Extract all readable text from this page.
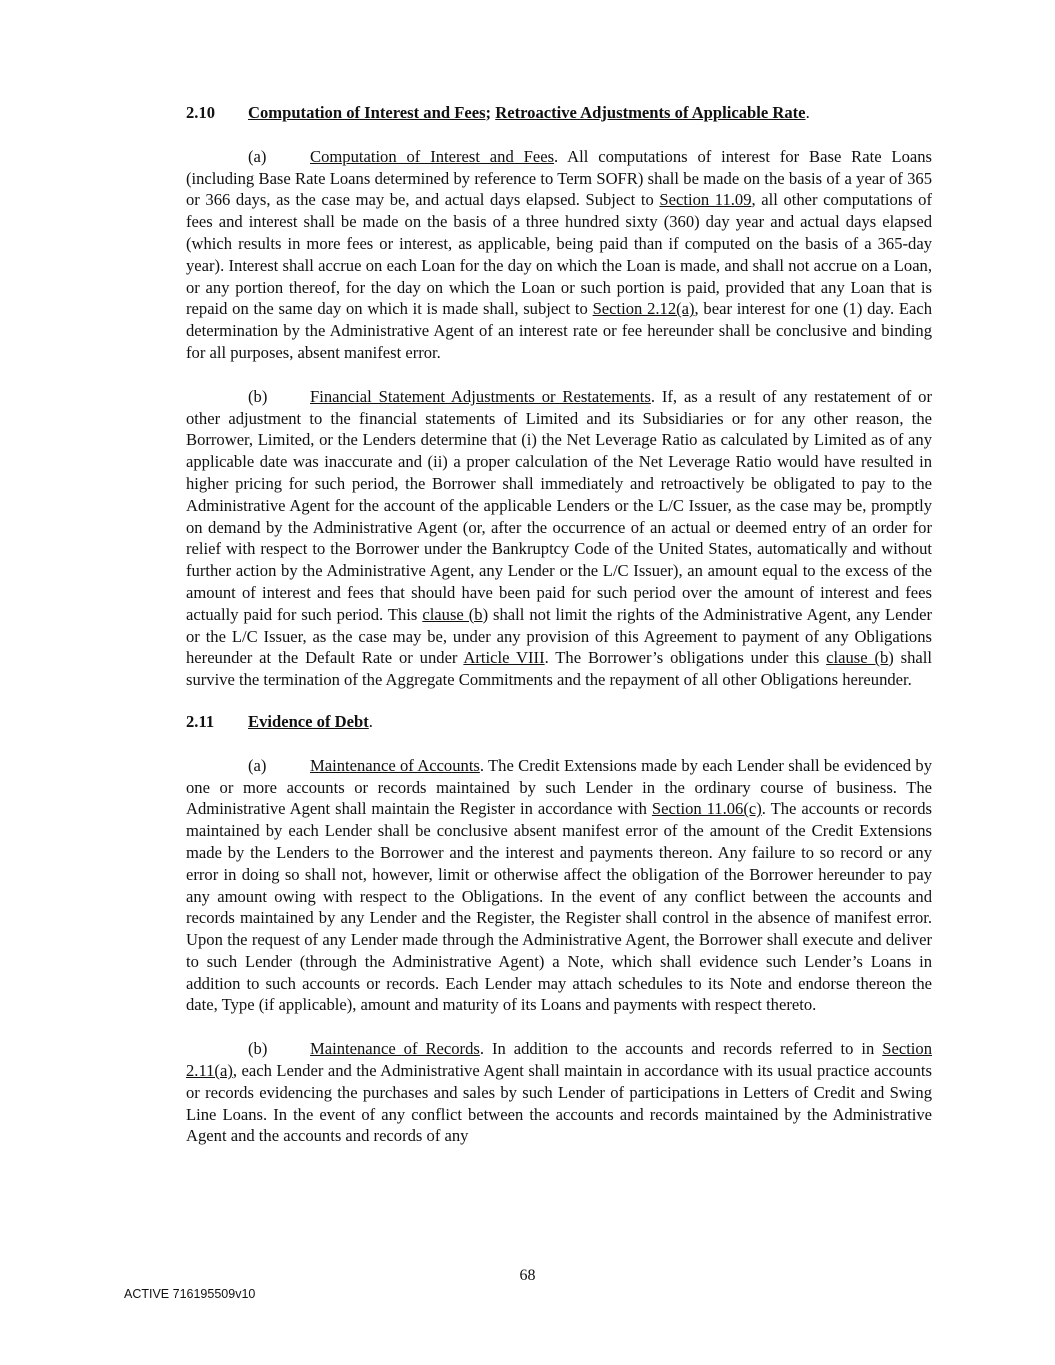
2.10 Computation of Interest and Fees; Retroactive Adjustments of Applicable Rate.

(a)	Computation of Interest and Fees. All computations of interest for Base Rate Loans (including Base Rate Loans determined by reference to Term SOFR) shall be made on the basis of a year of 365 or 366 days, as the case may be, and actual days elapsed. Subject to Section 11.09, all other computations of fees and interest shall be made on the basis of a three hundred sixty (360) day year and actual days elapsed (which results in more fees or interest, as applicable, being paid than if computed on the basis of a 365-day year). Interest shall accrue on each Loan for the day on which the Loan is made, and shall not accrue on a Loan, or any portion thereof, for the day on which the Loan or such portion is paid, provided that any Loan that is repaid on the same day on which it is made shall, subject to Section 2.12(a), bear interest for one (1) day. Each determination by the Administrative Agent of an interest rate or fee hereunder shall be conclusive and binding for all purposes, absent manifest error.

(b)	Financial Statement Adjustments or Restatements. If, as a result of any restatement of or other adjustment to the financial statements of Limited and its Subsidiaries or for any other reason, the Borrower, Limited, or the Lenders determine that (i) the Net Leverage Ratio as calculated by Limited as of any applicable date was inaccurate and (ii) a proper calculation of the Net Leverage Ratio would have resulted in higher pricing for such period, the Borrower shall immediately and retroactively be obligated to pay to the Administrative Agent for the account of the applicable Lenders or the L/C Issuer, as the case may be, promptly on demand by the Administrative Agent (or, after the occurrence of an actual or deemed entry of an order for relief with respect to the Borrower under the Bankruptcy Code of the United States, automatically and without further action by the Administrative Agent, any Lender or the L/C Issuer), an amount equal to the excess of the amount of interest and fees that should have been paid for such period over the amount of interest and fees actually paid for such period. This clause (b) shall not limit the rights of the Administrative Agent, any Lender or the L/C Issuer, as the case may be, under any provision of this Agreement to payment of any Obligations hereunder at the Default Rate or under Article VIII. The Borrower’s obligations under this clause (b) shall survive the termination of the Aggregate Commitments and the repayment of all other Obligations hereunder.

2.11 Evidence of Debt.

(a)	Maintenance of Accounts. The Credit Extensions made by each Lender shall be evidenced by one or more accounts or records maintained by such Lender in the ordinary course of business. The Administrative Agent shall maintain the Register in accordance with Section 11.06(c). The accounts or records maintained by each Lender shall be conclusive absent manifest error of the amount of the Credit Extensions made by the Lenders to the Borrower and the interest and payments thereon. Any failure to so record or any error in doing so shall not, however, limit or otherwise affect the obligation of the Borrower hereunder to pay any amount owing with respect to the Obligations. In the event of any conflict between the accounts and records maintained by any Lender and the Register, the Register shall control in the absence of manifest error. Upon the request of any Lender made through the Administrative Agent, the Borrower shall execute and deliver to such Lender (through the Administrative Agent) a Note, which shall evidence such Lender’s Loans in addition to such accounts or records. Each Lender may attach schedules to its Note and endorse thereon the date, Type (if applicable), amount and maturity of its Loans and payments with respect thereto.

(b)	Maintenance of Records. In addition to the accounts and records referred to in Section 2.11(a), each Lender and the Administrative Agent shall maintain in accordance with its usual practice accounts or records evidencing the purchases and sales by such Lender of participations in Letters of Credit and Swing Line Loans. In the event of any conflict between the accounts and records maintained by the Administrative Agent and the accounts and records of any

68
ACTIVE 716195509v10
